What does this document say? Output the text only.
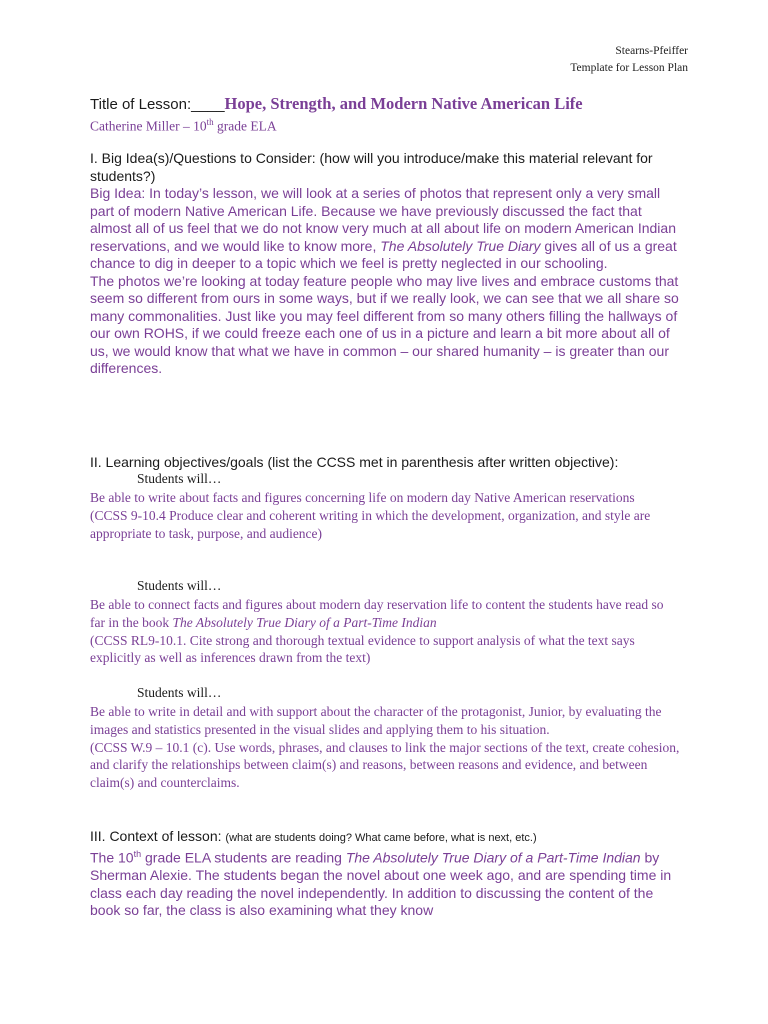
Stearns-Pfeiffer
Template for Lesson Plan
Title of Lesson:____Hope, Strength, and Modern Native American Life
Catherine Miller – 10th grade ELA
I. Big Idea(s)/Questions to Consider: (how will you introduce/make this material relevant for students?)

Big Idea: In today’s lesson, we will look at a series of photos that represent only a very small part of modern Native American Life. Because we have previously discussed the fact that almost all of us feel that we do not know very much at all about life on modern American Indian reservations, and we would like to know more, The Absolutely True Diary gives all of us a great chance to dig in deeper to a topic which we feel is pretty neglected in our schooling.

The photos we’re looking at today feature people who may live lives and embrace customs that seem so different from ours in some ways, but if we really look, we can see that we all share so many commonalities. Just like you may feel different from so many others filling the hallways of our own ROHS, if we could freeze each one of us in a picture and learn a bit more about all of us, we would know that what we have in common – our shared humanity – is greater than our differences.

II. Learning objectives/goals (list the CCSS met in parenthesis after written objective):
Students will…

Be able to write about facts and figures concerning life on modern day Native American reservations

(CCSS 9-10.4 Produce clear and coherent writing in which the development, organization, and style are appropriate to task, purpose, and audience)

Students will…

Be able to connect facts and figures about modern day reservation life to content the students have read so far in the book The Absolutely True Diary of a Part-Time Indian

(CCSS RL9-10.1. Cite strong and thorough textual evidence to support analysis of what the text says explicitly as well as inferences drawn from the text)

Students will…

Be able to write in detail and with support about the character of the protagonist, Junior, by evaluating the images and statistics presented in the visual slides and applying them to his situation.

(CCSS W.9 – 10.1 (c). Use words, phrases, and clauses to link the major sections of the text, create cohesion, and clarify the relationships between claim(s) and reasons, between reasons and evidence, and between claim(s) and counterclaims.

III. Context of lesson: (what are students doing? What came before, what is next, etc.)

The 10th grade ELA students are reading The Absolutely True Diary of a Part-Time Indian by Sherman Alexie. The students began the novel about one week ago, and are spending time in class each day reading the novel independently. In addition to discussing the content of the book so far, the class is also examining what they know
